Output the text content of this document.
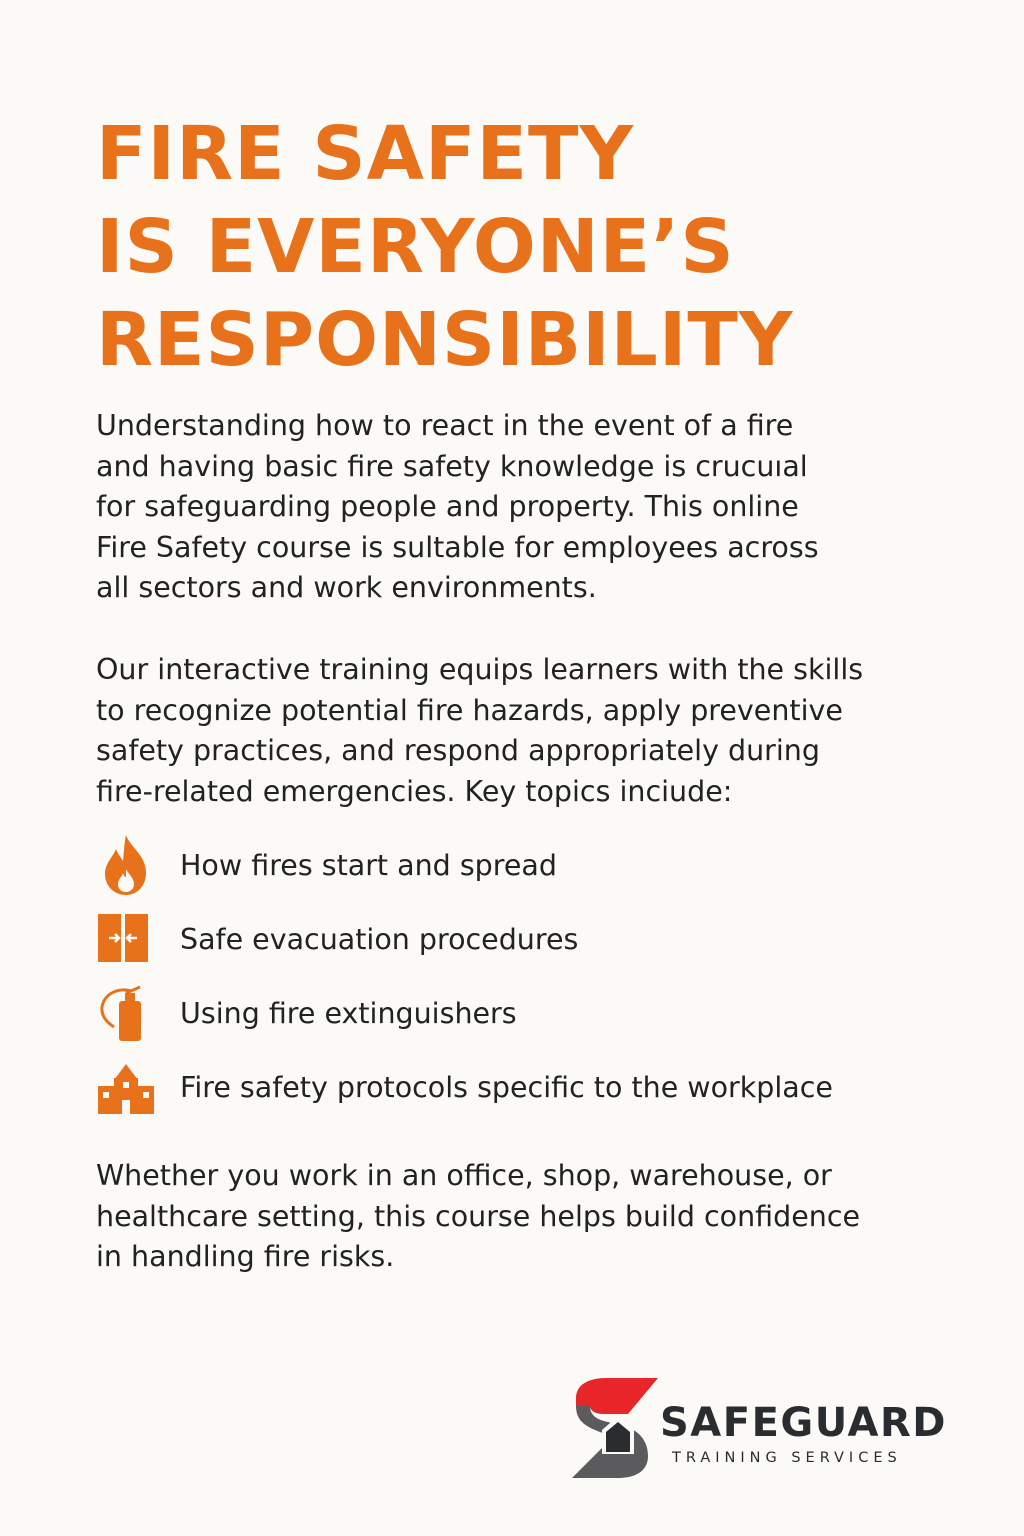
FIRE SAFETY
IS EVERYONE’S
RESPONSIBILITY

Understanding how to react in the event of a fire
and having basic fire safety knowledge is crucuıal
for safeguarding people and property. This online
Fire Safety course is sultable for employees across
all sectors and work environments.

Our interactive training equips learners with the skills
to recognize potential fire hazards, apply preventive
safety practices, and respond appropriately during
fire-related emergencies. Key topics inciude:

How fires start and spread
Safe evacuation procedures
Using fire extinguishers
Fire safety protocols specific to the workplace

Whether you work in an office, shop, warehouse, or
healthcare setting, this course helps build confidence
in handling fire risks.

SAFEGUARD
TRAINING SERVICES
